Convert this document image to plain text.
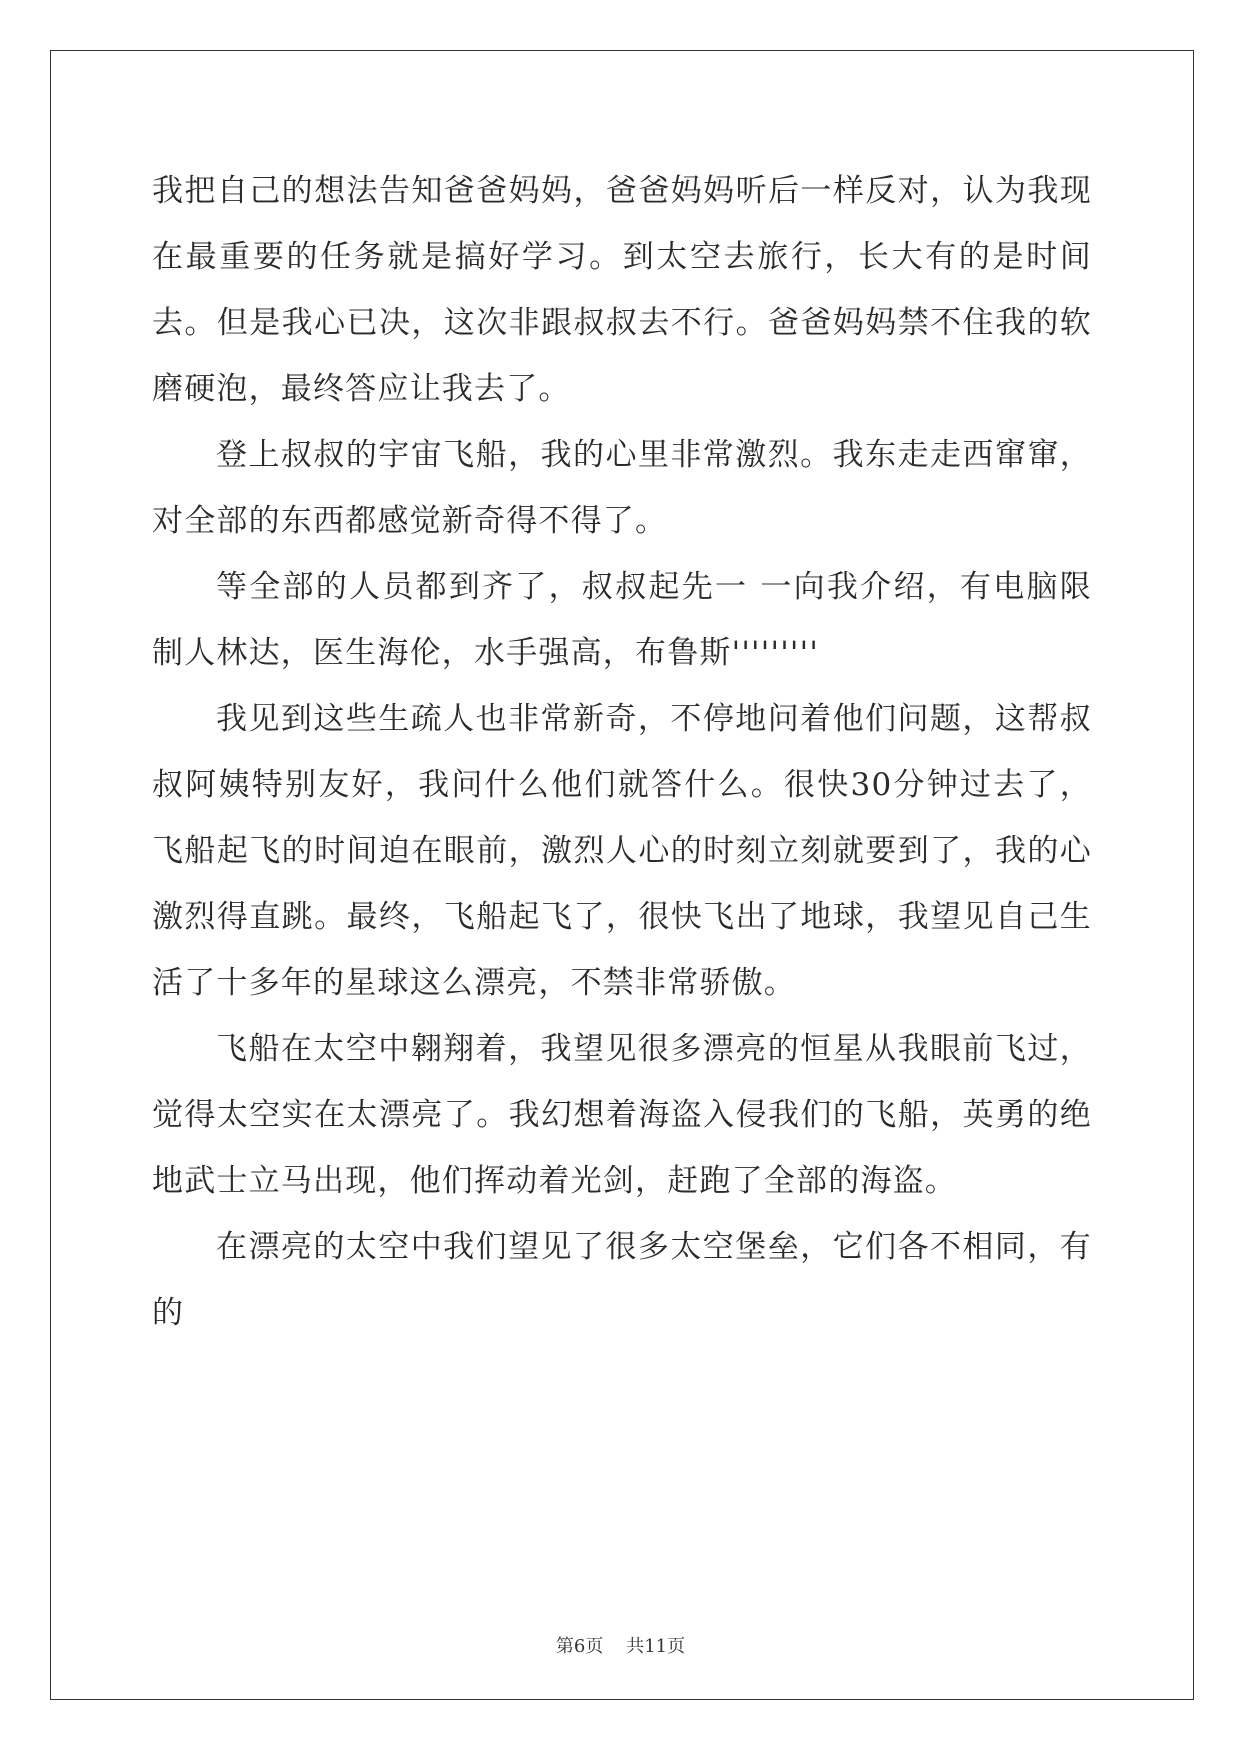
我把自己的想法告知爸爸妈妈，爸爸妈妈听后一样反对，认为我现在最重要的任务就是搞好学习。到太空去旅行，长大有的是时间去。但是我心已决，这次非跟叔叔去不行。爸爸妈妈禁不住我的软磨硬泡，最终答应让我去了。

登上叔叔的宇宙飞船，我的心里非常激烈。我东走走西窜窜，对全部的东西都感觉新奇得不得了。

等全部的人员都到齐了，叔叔起先一 一向我介绍，有电脑限制人林达，医生海伦，水手强高，布鲁斯'''''''''

我见到这些生疏人也非常新奇，不停地问着他们问题，这帮叔叔阿姨特别友好，我问什么他们就答什么。很快30分钟过去了，飞船起飞的时间迫在眼前，激烈人心的时刻立刻就要到了，我的心激烈得直跳。最终，飞船起飞了，很快飞出了地球，我望见自己生活了十多年的星球这么漂亮，不禁非常骄傲。

飞船在太空中翱翔着，我望见很多漂亮的恒星从我眼前飞过，觉得太空实在太漂亮了。我幻想着海盗入侵我们的飞船，英勇的绝地武士立马出现，他们挥动着光剑，赶跑了全部的海盗。

在漂亮的太空中我们望见了很多太空堡垒，它们各不相同，有的

第6页 共11页
